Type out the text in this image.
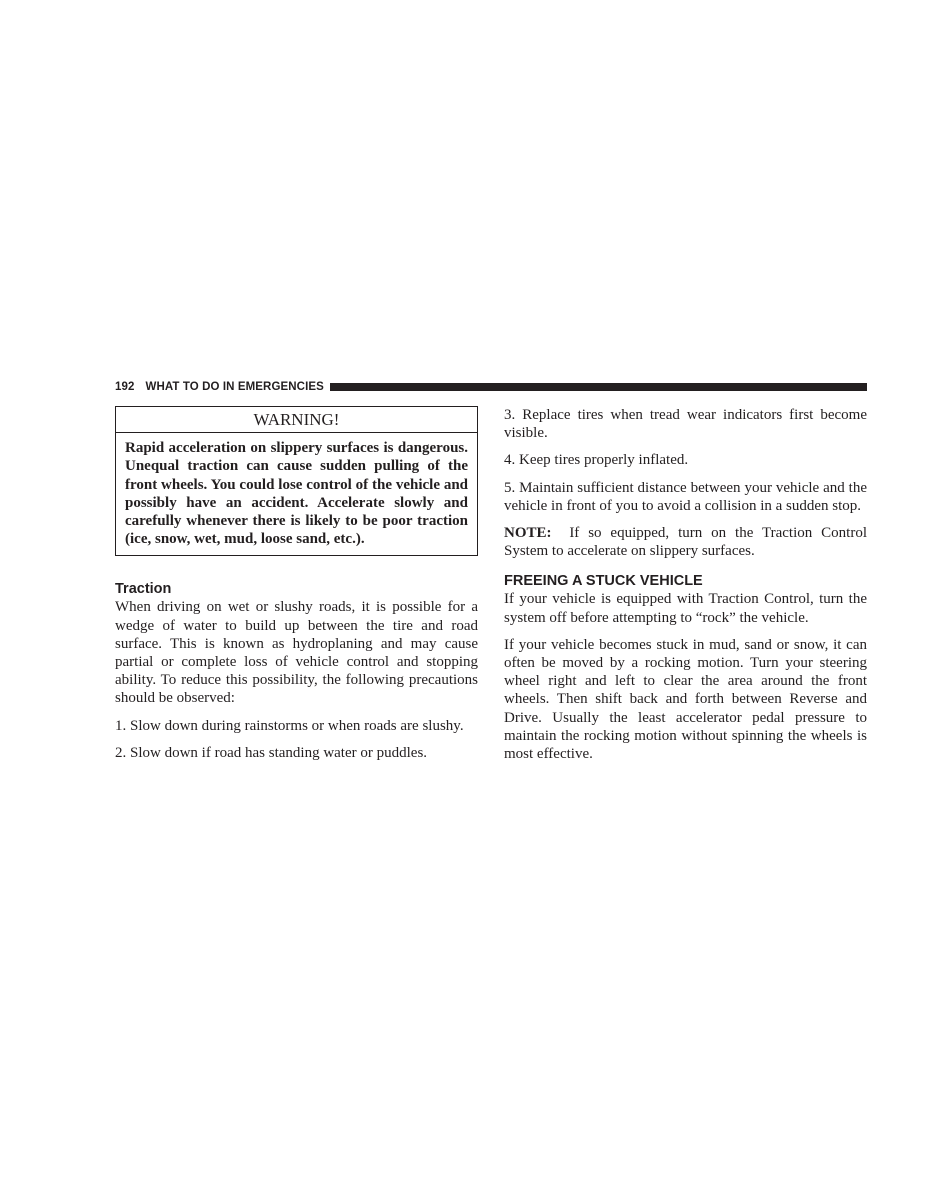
192 WHAT TO DO IN EMERGENCIES
WARNING!
Rapid acceleration on slippery surfaces is dangerous. Unequal traction can cause sudden pulling of the front wheels. You could lose control of the vehicle and possibly have an accident. Accelerate slowly and carefully whenever there is likely to be poor traction (ice, snow, wet, mud, loose sand, etc.).
Traction

When driving on wet or slushy roads, it is possible for a wedge of water to build up between the tire and road surface. This is known as hydroplaning and may cause partial or complete loss of vehicle control and stopping ability. To reduce this possibility, the following precautions should be observed:

1. Slow down during rainstorms or when roads are slushy.

2. Slow down if road has standing water or puddles.

3. Replace tires when tread wear indicators first become visible.

4. Keep tires properly inflated.

5. Maintain sufficient distance between your vehicle and the vehicle in front of you to avoid a collision in a sudden stop.

NOTE: If so equipped, turn on the Traction Control System to accelerate on slippery surfaces.

FREEING A STUCK VEHICLE

If your vehicle is equipped with Traction Control, turn the system off before attempting to “rock” the vehicle.

If your vehicle becomes stuck in mud, sand or snow, it can often be moved by a rocking motion. Turn your steering wheel right and left to clear the area around the front wheels. Then shift back and forth between Reverse and Drive. Usually the least accelerator pedal pressure to maintain the rocking motion without spinning the wheels is most effective.
